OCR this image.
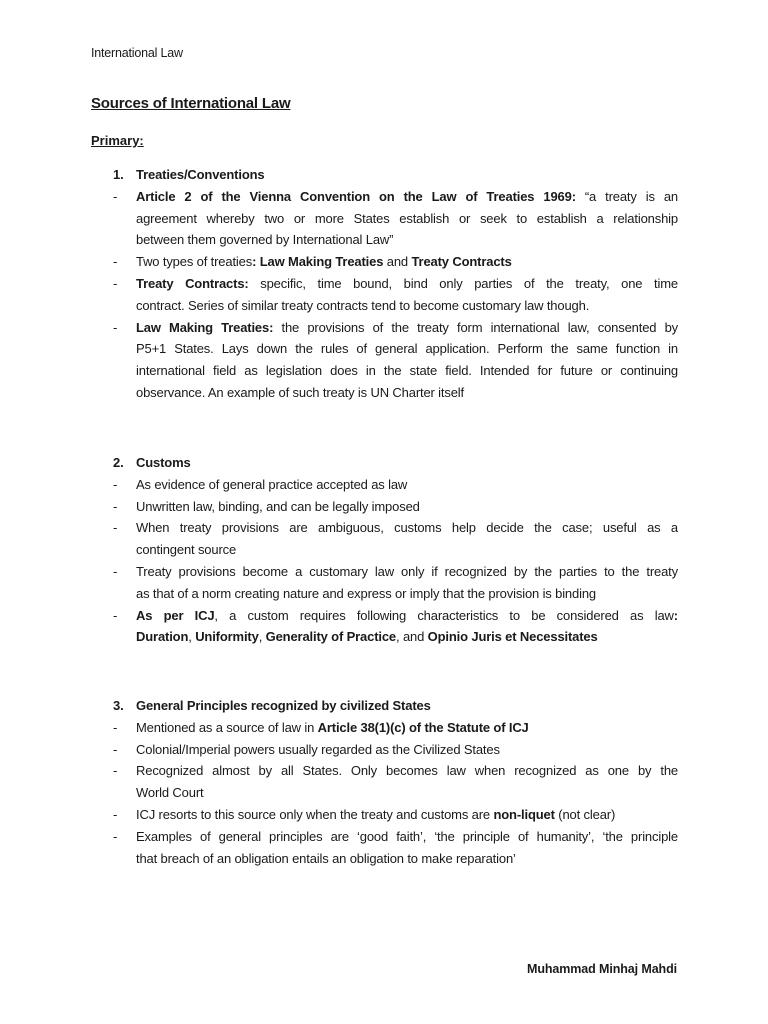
International Law
Sources of International Law
Primary:
1. Treaties/Conventions
- Article 2 of the Vienna Convention on the Law of Treaties 1969: “a treaty is an
agreement whereby two or more States establish or seek to establish a relationship
between them governed by International Law”
- Two types of treaties: Law Making Treaties and Treaty Contracts
- Treaty Contracts: specific, time bound, bind only parties of the treaty, one time
contract. Series of similar treaty contracts tend to become customary law though.
- Law Making Treaties: the provisions of the treaty form international law, consented by
P5+1 States. Lays down the rules of general application. Perform the same function in
international field as legislation does in the state field. Intended for future or continuing
observance. An example of such treaty is UN Charter itself
2. Customs
- As evidence of general practice accepted as law
- Unwritten law, binding, and can be legally imposed
- When treaty provisions are ambiguous, customs help decide the case; useful as a
contingent source
- Treaty provisions become a customary law only if recognized by the parties to the treaty
as that of a norm creating nature and express or imply that the provision is binding
- As per ICJ, a custom requires following characteristics to be considered as law:
Duration, Uniformity, Generality of Practice, and Opinio Juris et Necessitates
3. General Principles recognized by civilized States
- Mentioned as a source of law in Article 38(1)(c) of the Statute of ICJ
- Colonial/Imperial powers usually regarded as the Civilized States
- Recognized almost by all States. Only becomes law when recognized as one by the
World Court
- ICJ resorts to this source only when the treaty and customs are non-liquet (not clear)
- Examples of general principles are ‘good faith’, ‘the principle of humanity’, ‘the principle
that breach of an obligation entails an obligation to make reparation’
Muhammad Minhaj Mahdi
